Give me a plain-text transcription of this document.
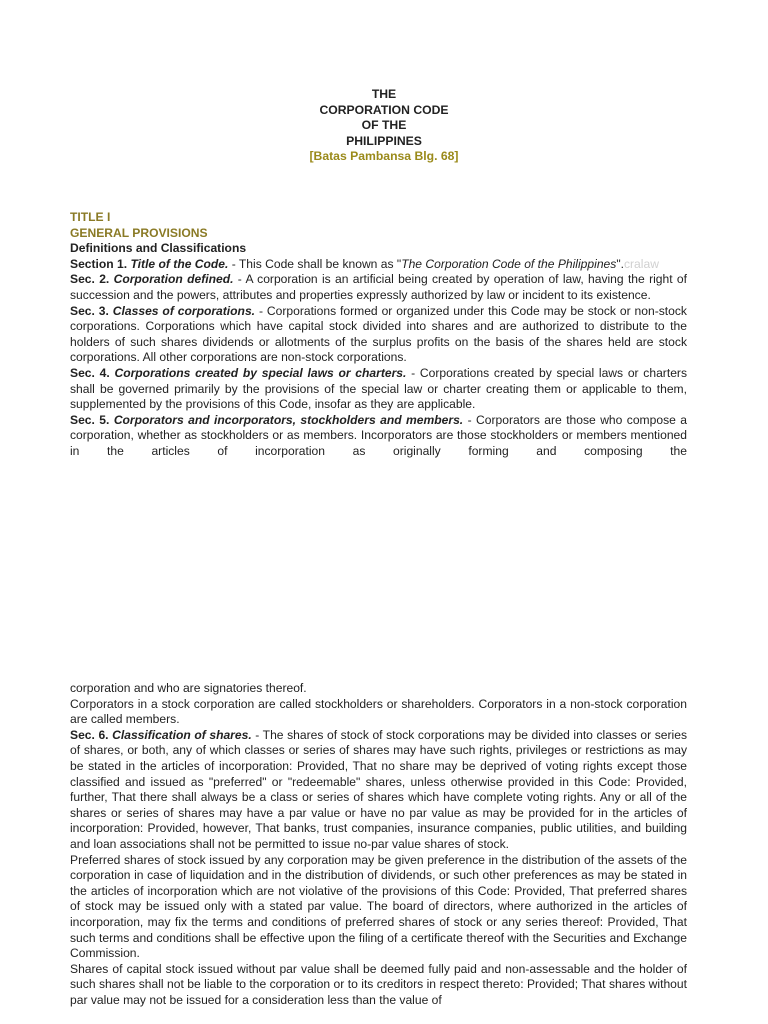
THE
CORPORATION CODE
OF THE
PHILIPPINES
[Batas Pambansa Blg. 68]
TITLE I
GENERAL PROVISIONS
Definitions and Classifications

Section 1. Title of the Code. - This Code shall be known as "The Corporation Code of the Philippines".cralaw

Sec. 2. Corporation defined. - A corporation is an artificial being created by operation of law, having the right of succession and the powers, attributes and properties expressly authorized by law or incident to its existence.

Sec. 3. Classes of corporations. - Corporations formed or organized under this Code may be stock or non-stock corporations. Corporations which have capital stock divided into shares and are authorized to distribute to the holders of such shares dividends or allotments of the surplus profits on the basis of the shares held are stock corporations. All other corporations are non-stock corporations.

Sec. 4. Corporations created by special laws or charters. - Corporations created by special laws or charters shall be governed primarily by the provisions of the special law or charter creating them or applicable to them, supplemented by the provisions of this Code, insofar as they are applicable.

Sec. 5. Corporators and incorporators, stockholders and members. - Corporators are those who compose a corporation, whether as stockholders or as members. Incorporators are those stockholders or members mentioned in the articles of incorporation as originally forming and composing the

corporation and who are signatories thereof.

Corporators in a stock corporation are called stockholders or shareholders. Corporators in a non-stock corporation are called members.

Sec. 6. Classification of shares. - The shares of stock of stock corporations may be divided into classes or series of shares, or both, any of which classes or series of shares may have such rights, privileges or restrictions as may be stated in the articles of incorporation: Provided, That no share may be deprived of voting rights except those classified and issued as "preferred" or "redeemable" shares, unless otherwise provided in this Code: Provided, further, That there shall always be a class or series of shares which have complete voting rights. Any or all of the shares or series of shares may have a par value or have no par value as may be provided for in the articles of incorporation: Provided, however, That banks, trust companies, insurance companies, public utilities, and building and loan associations shall not be permitted to issue no-par value shares of stock.

Preferred shares of stock issued by any corporation may be given preference in the distribution of the assets of the corporation in case of liquidation and in the distribution of dividends, or such other preferences as may be stated in the articles of incorporation which are not violative of the provisions of this Code: Provided, That preferred shares of stock may be issued only with a stated par value. The board of directors, where authorized in the articles of incorporation, may fix the terms and conditions of preferred shares of stock or any series thereof: Provided, That such terms and conditions shall be effective upon the filing of a certificate thereof with the Securities and Exchange Commission.

Shares of capital stock issued without par value shall be deemed fully paid and non-assessable and the holder of such shares shall not be liable to the corporation or to its creditors in respect thereto: Provided; That shares without par value may not be issued for a consideration less than the value of
